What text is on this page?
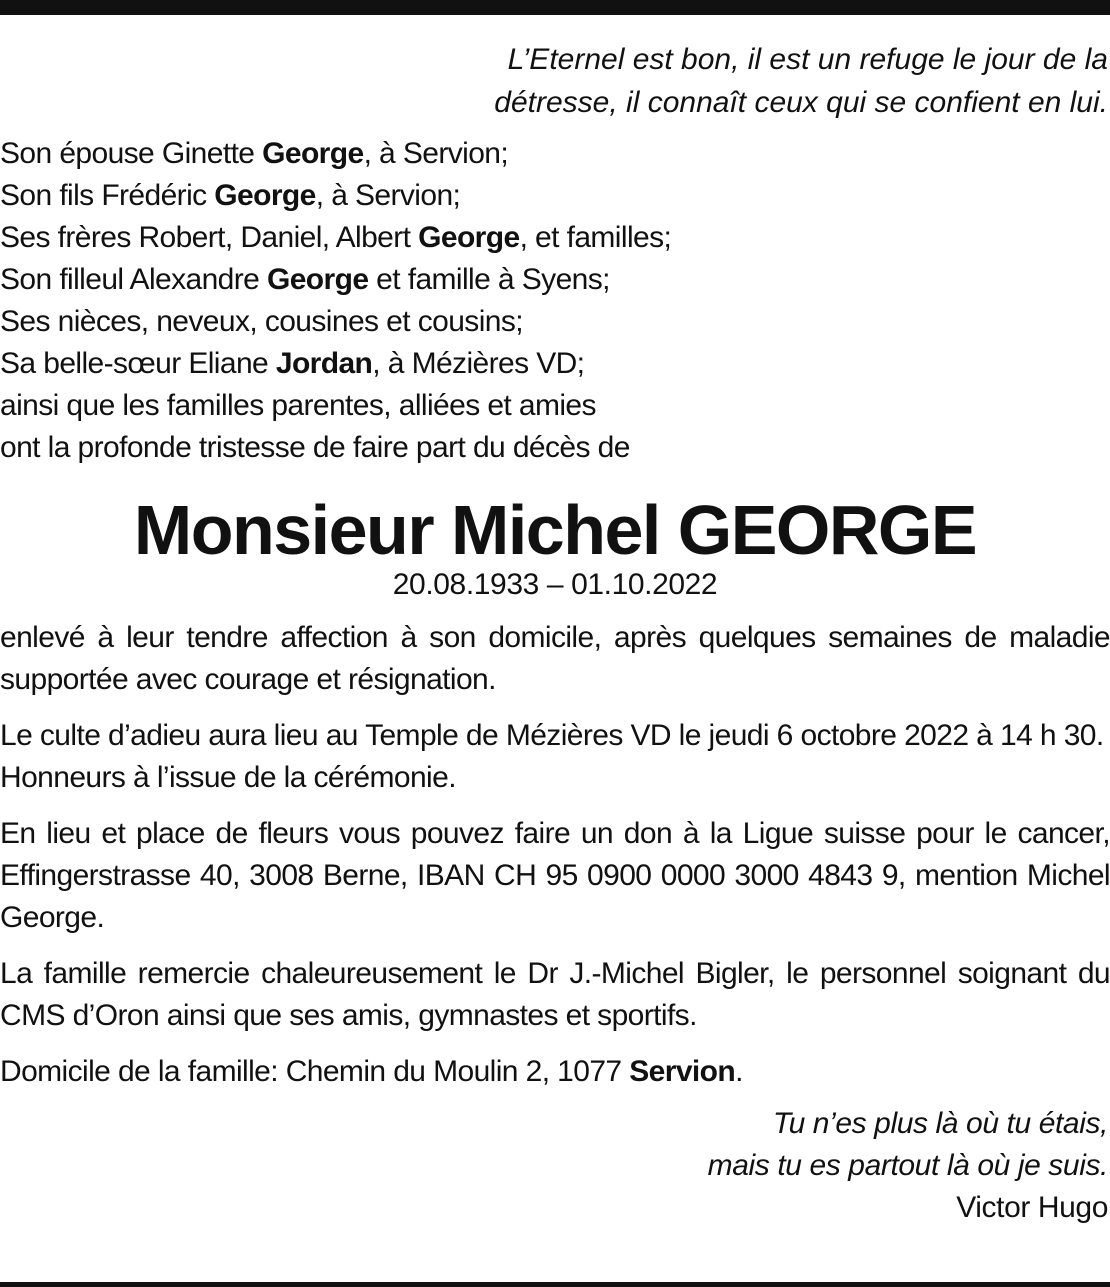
L’Eternel est bon, il est un refuge le jour de la
détresse, il connaît ceux qui se confient en lui.
Son épouse Ginette George, à Servion;
Son fils Frédéric George, à Servion;
Ses frères Robert, Daniel, Albert George, et familles;
Son filleul Alexandre George et famille à Syens;
Ses nièces, neveux, cousines et cousins;
Sa belle-sœur Eliane Jordan, à Mézières VD;
ainsi que les familles parentes, alliées et amies
ont la profonde tristesse de faire part du décès de
Monsieur Michel GEORGE
20.08.1933 – 01.10.2022
enlevé à leur tendre affection à son domicile, après quelques semaines de maladie supportée avec courage et résignation.
Le culte d’adieu aura lieu au Temple de Mézières VD le jeudi 6 octobre 2022 à 14 h 30.
Honneurs à l’issue de la cérémonie.
En lieu et place de fleurs vous pouvez faire un don à la Ligue suisse pour le cancer, Effingerstrasse 40, 3008 Berne, IBAN CH 95 0900 0000 3000 4843 9, mention Michel George.
La famille remercie chaleureusement le Dr J.-Michel Bigler, le personnel soignant du CMS d’Oron ainsi que ses amis, gymnastes et sportifs.
Domicile de la famille: Chemin du Moulin 2, 1077 Servion.
Tu n’es plus là où tu étais,
mais tu es partout là où je suis.
Victor Hugo
